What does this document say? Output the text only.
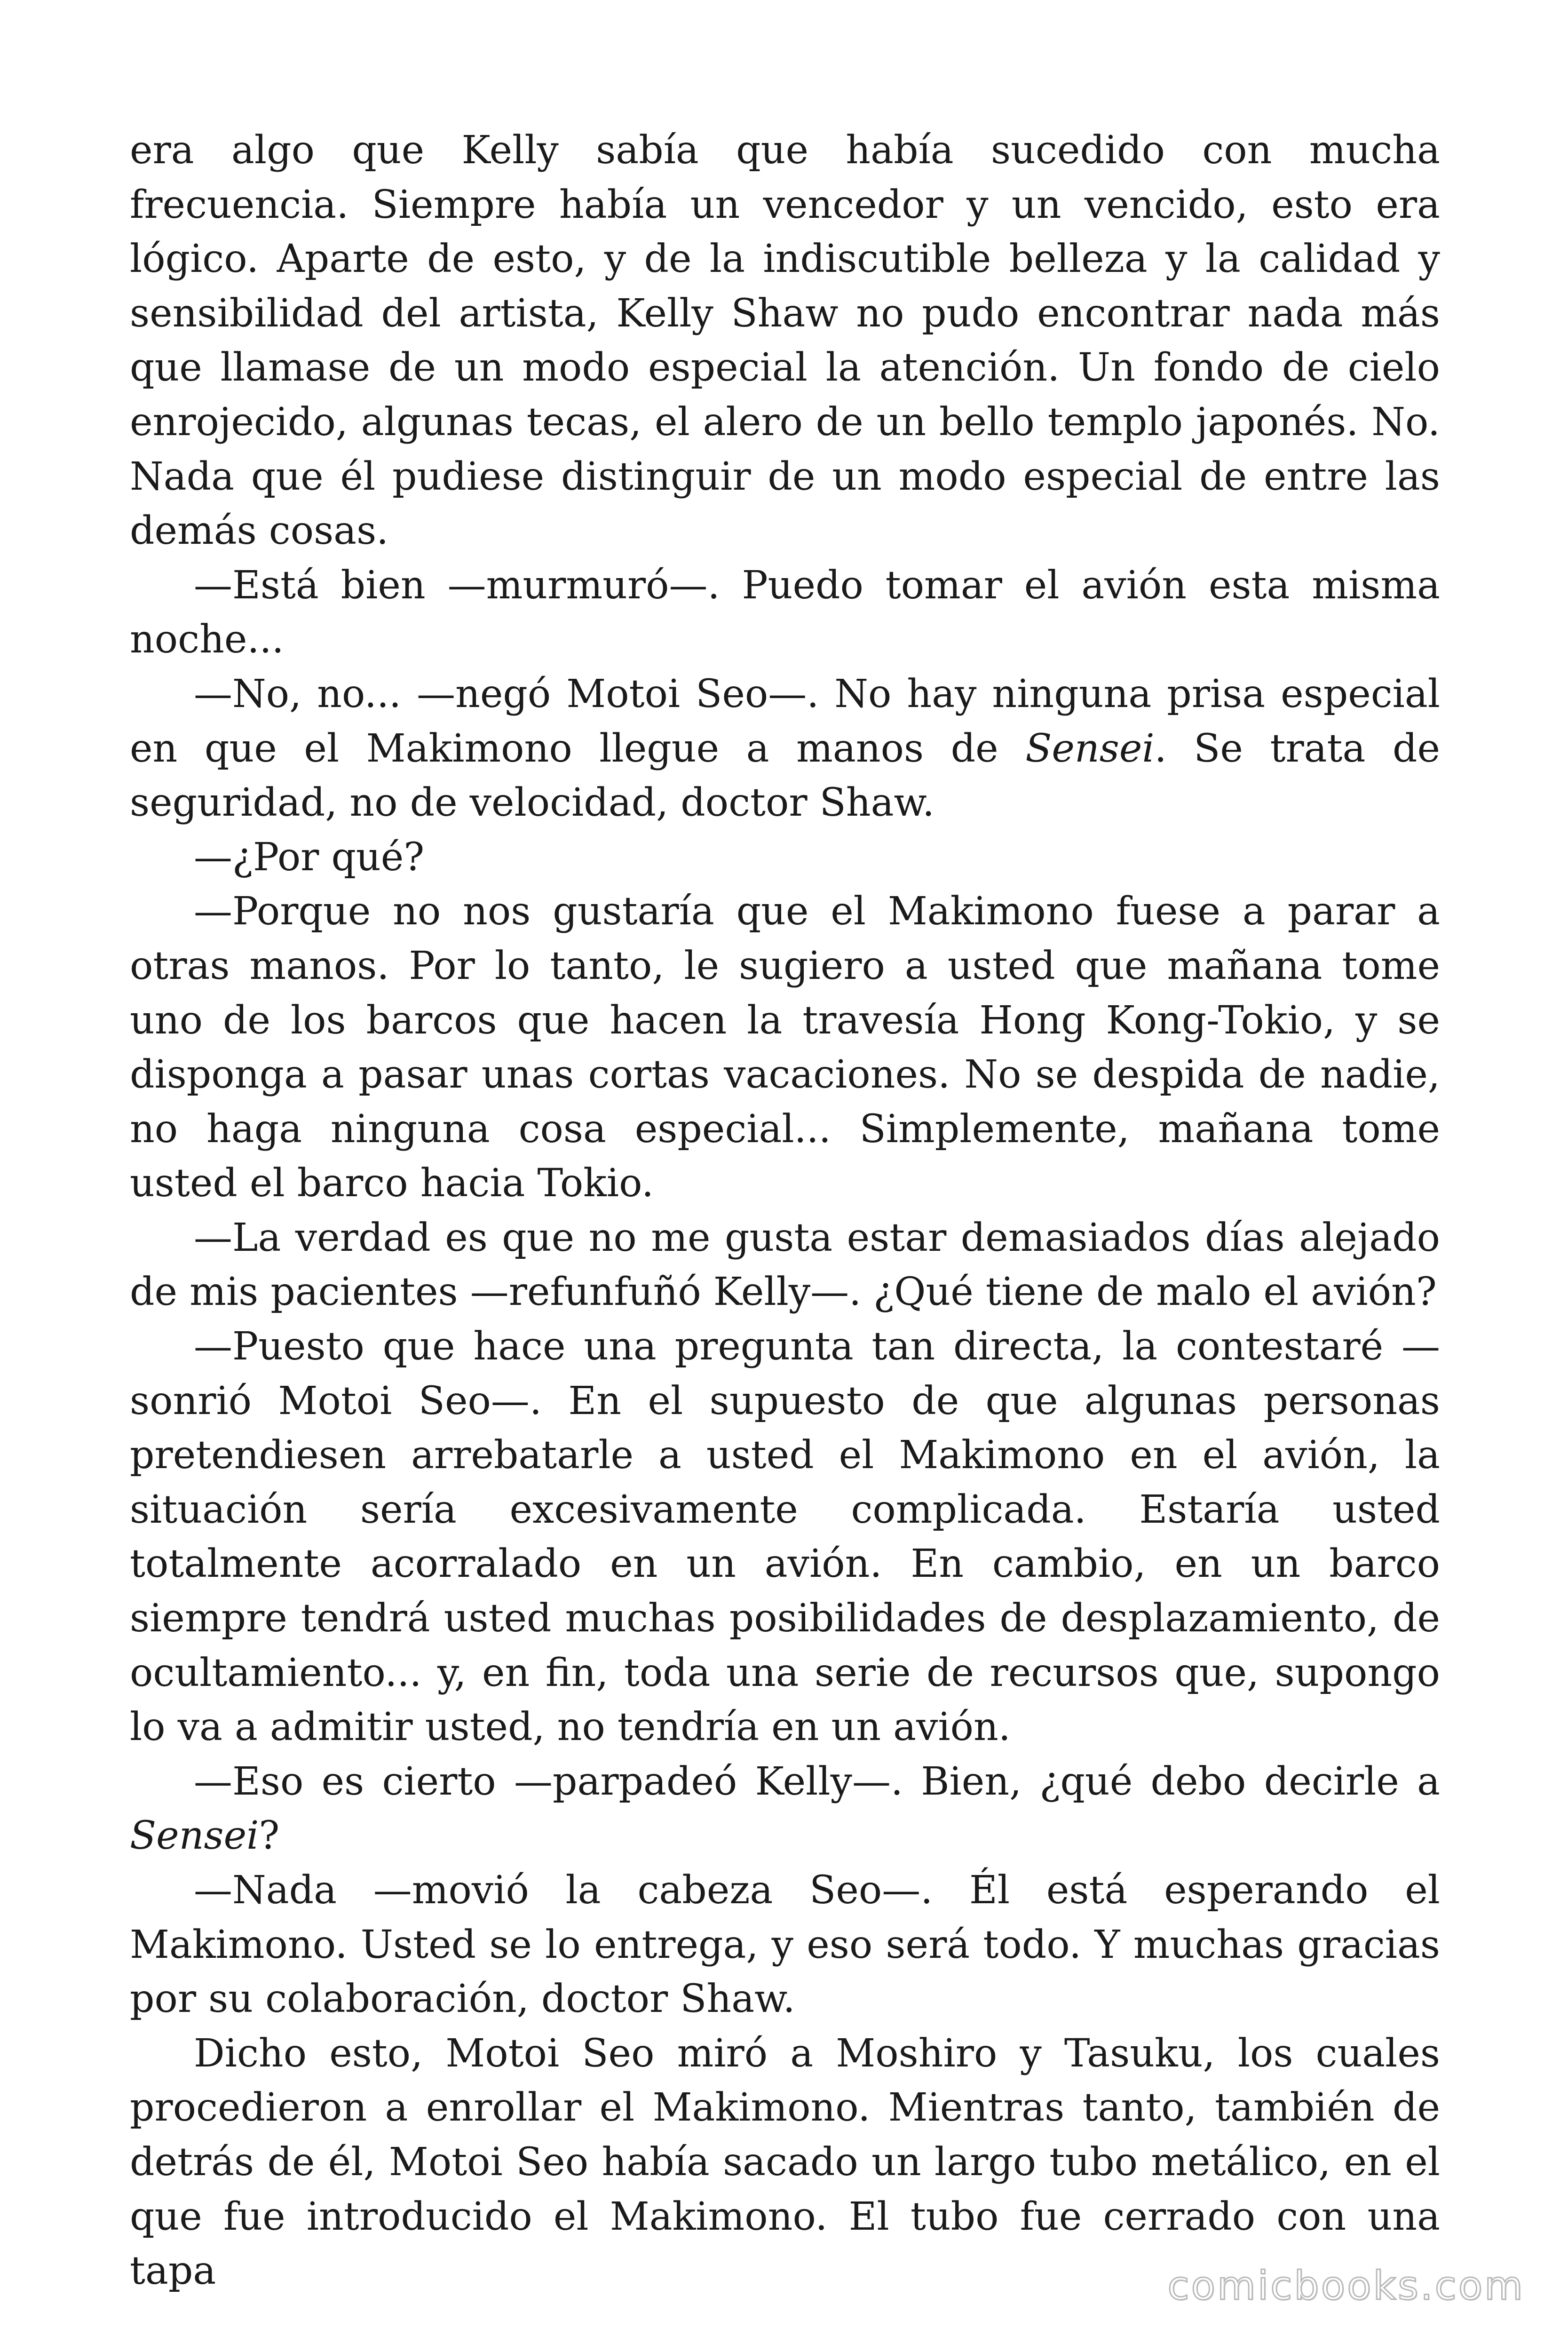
era algo que Kelly sabía que había sucedido con mucha frecuencia. Siempre había un vencedor y un vencido, esto era lógico. Aparte de esto, y de la indiscutible belleza y la calidad y sensibilidad del artista, Kelly Shaw no pudo encontrar nada más que llamase de un modo especial la atención. Un fondo de cielo enrojecido, algunas tecas, el alero de un bello templo japonés. No. Nada que él pudiese distinguir de un modo especial de entre las demás cosas.

—Está bien —murmuró—. Puedo tomar el avión esta misma noche...

—No, no... —negó Motoi Seo—. No hay ninguna prisa especial en que el Makimono llegue a manos de Sensei. Se trata de seguridad, no de velocidad, doctor Shaw.

—¿Por qué?

—Porque no nos gustaría que el Makimono fuese a parar a otras manos. Por lo tanto, le sugiero a usted que mañana tome uno de los barcos que hacen la travesía Hong Kong-Tokio, y se disponga a pasar unas cortas vacaciones. No se despida de nadie, no haga ninguna cosa especial... Simplemente, mañana tome usted el barco hacia Tokio.

—La verdad es que no me gusta estar demasiados días alejado de mis pacientes —refunfuñó Kelly—. ¿Qué tiene de malo el avión?

—Puesto que hace una pregunta tan directa, la contestaré —sonrió Motoi Seo—. En el supuesto de que algunas personas pretendiesen arrebatarle a usted el Makimono en el avión, la situación sería excesivamente complicada. Estaría usted totalmente acorralado en un avión. En cambio, en un barco siempre tendrá usted muchas posibilidades de desplazamiento, de ocultamiento... y, en fin, toda una serie de recursos que, supongo lo va a admitir usted, no tendría en un avión.

—Eso es cierto —parpadeó Kelly—. Bien, ¿qué debo decirle a Sensei?

—Nada —movió la cabeza Seo—. Él está esperando el Makimono. Usted se lo entrega, y eso será todo. Y muchas gracias por su colaboración, doctor Shaw.

Dicho esto, Motoi Seo miró a Moshiro y Tasuku, los cuales procedieron a enrollar el Makimono. Mientras tanto, también de detrás de él, Motoi Seo había sacado un largo tubo metálico, en el que fue introducido el Makimono. El tubo fue cerrado con una tapa	comicbooks.com
